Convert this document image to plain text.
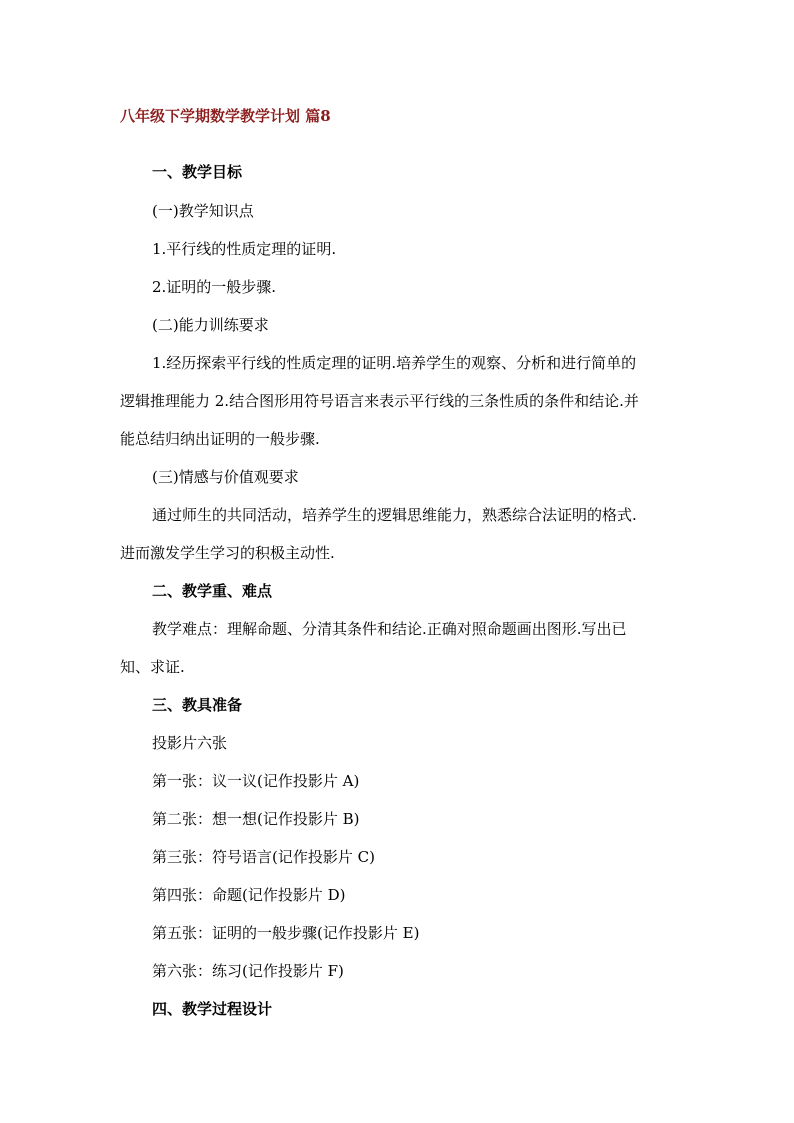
八年级下学期数学教学计划 篇8
一、教学目标
(一)教学知识点
1.平行线的性质定理的证明.
2.证明的一般步骤.
(二)能力训练要求
1.经历探索平行线的性质定理的证明.培养学生的观察、分析和进行简单的
逻辑推理能力 2.结合图形用符号语言来表示平行线的三条性质的条件和结论.并
能总结归纳出证明的一般步骤.
(三)情感与价值观要求
通过师生的共同活动，培养学生的逻辑思维能力，熟悉综合法证明的格式.
进而激发学生学习的积极主动性.
二、教学重、难点
教学难点：理解命题、分清其条件和结论.正确对照命题画出图形.写出已
知、求证.
三、教具准备
投影片六张
第一张：议一议(记作投影片 A)
第二张：想一想(记作投影片 B)
第三张：符号语言(记作投影片 C)
第四张：命题(记作投影片 D)
第五张：证明的一般步骤(记作投影片 E)
第六张：练习(记作投影片 F)
四、教学过程设计
